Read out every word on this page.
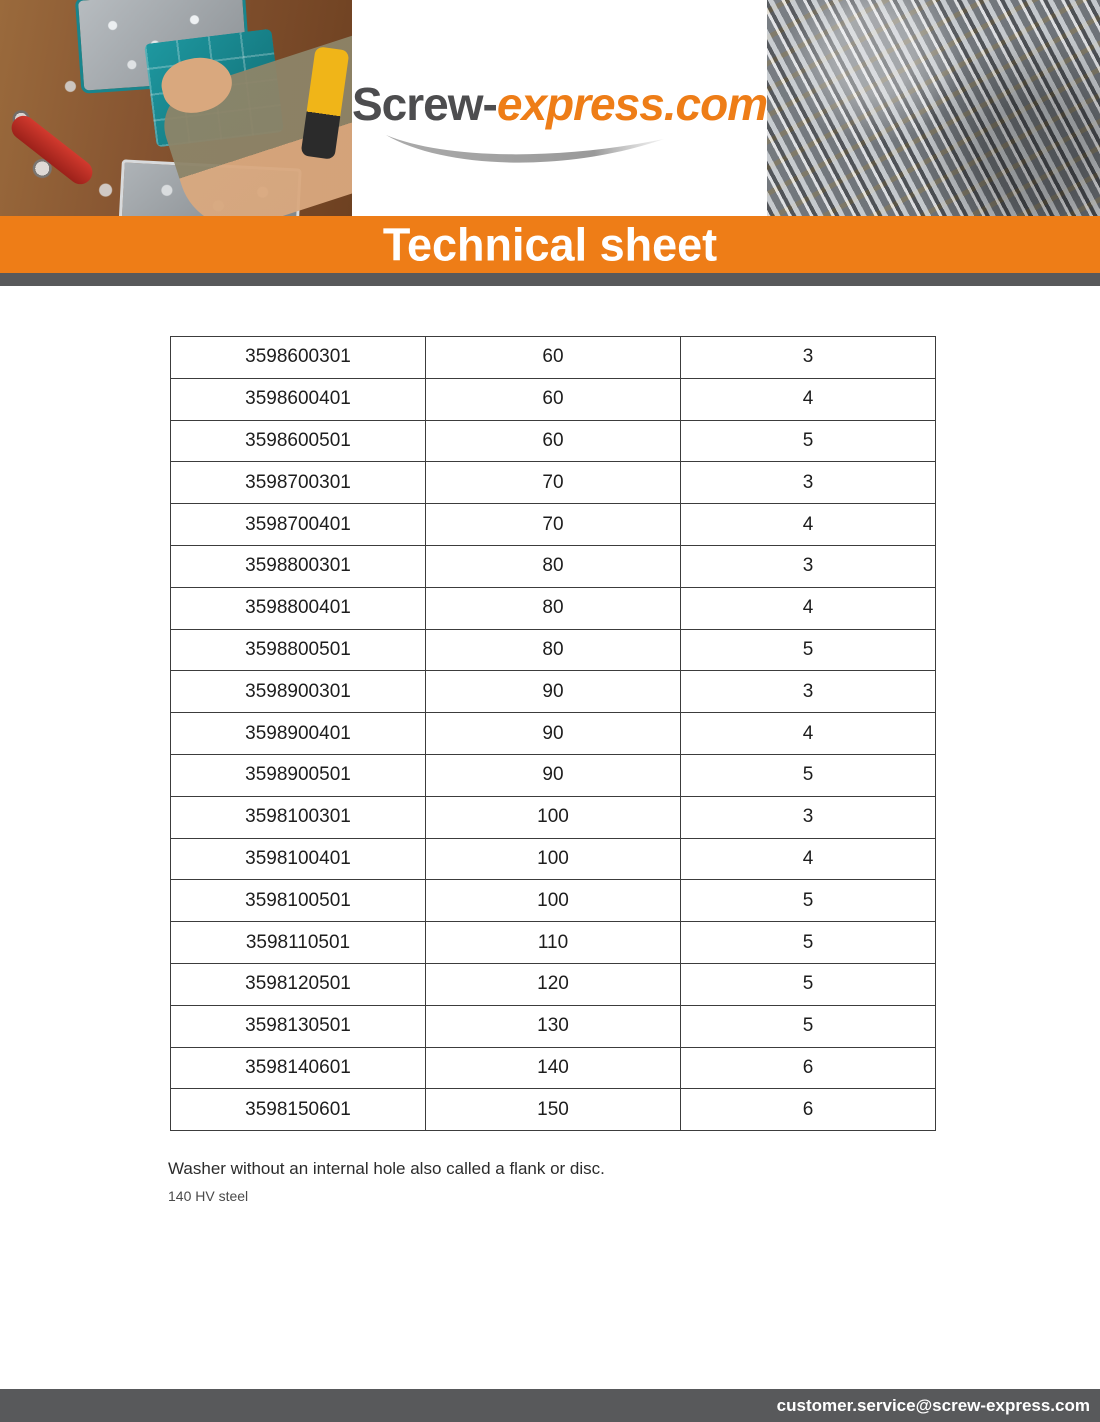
Screw-express.com
Technical sheet
3598600301	60	3
3598600401	60	4
3598600501	60	5
3598700301	70	3
3598700401	70	4
3598800301	80	3
3598800401	80	4
3598800501	80	5
3598900301	90	3
3598900401	90	4
3598900501	90	5
3598100301	100	3
3598100401	100	4
3598100501	100	5
3598110501	110	5
3598120501	120	5
3598130501	130	5
3598140601	140	6
3598150601	150	6
Washer without an internal hole also called a flank or disc.
140 HV steel
customer.service@screw-express.com
